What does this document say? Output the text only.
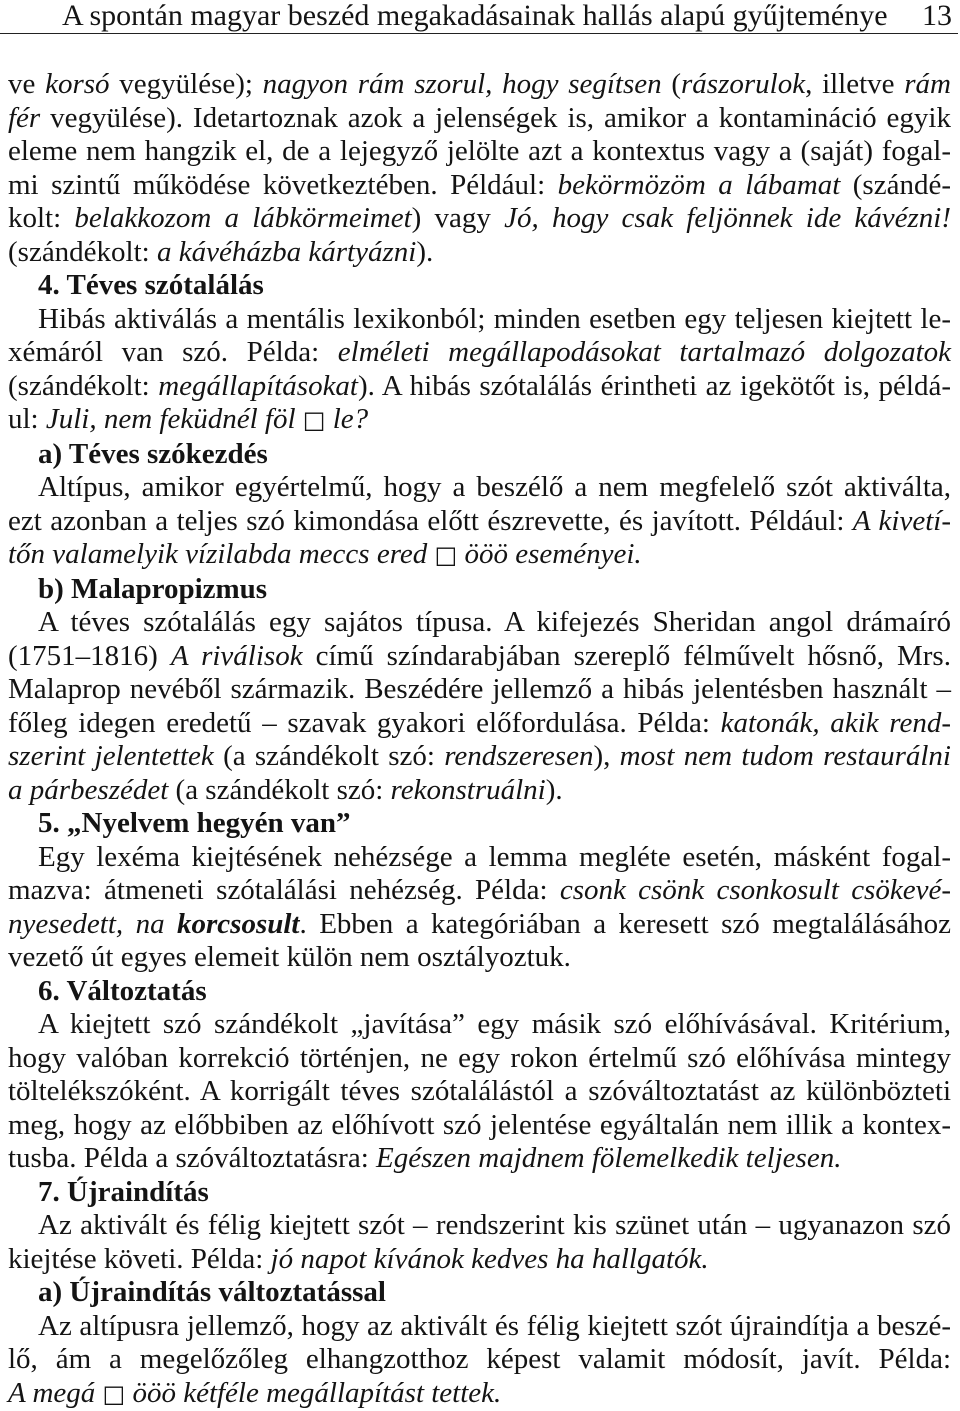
A spontán magyar beszéd megakadásainak hallás alapú gyűjteménye 13
ve korsó vegyülése); nagyon rám szorul, hogy segítsen (rászorulok, illetve rám
fér vegyülése). Idetartoznak azok a jelenségek is, amikor a kontamináció egyik
eleme nem hangzik el, de a lejegyző jelölte azt a kontextus vagy a (saját) fogal-
mi szintű működése következtében. Például: bekörmözöm a lábamat (szándé-
kolt: belakkozom a lábkörmeimet) vagy Jó, hogy csak feljönnek ide kávézni!
(szándékolt: a kávéházba kártyázni).
4. Téves szótalálás
Hibás aktiválás a mentális lexikonból; minden esetben egy teljesen kiejtett le-
xémáról van szó. Példa: elméleti megállapodásokat tartalmazó dolgozatok
(szándékolt: megállapításokat). A hibás szótalálás érintheti az igekötőt is, példá-
ul: Juli, nem feküdnél föl □ le?
a) Téves szókezdés
Altípus, amikor egyértelmű, hogy a beszélő a nem megfelelő szót aktiválta,
ezt azonban a teljes szó kimondása előtt észrevette, és javított. Például: A kivetí-
tőn valamelyik vízilabda meccs ered □ ööö eseményei.
b) Malapropizmus
A téves szótalálás egy sajátos típusa. A kifejezés Sheridan angol drámaíró
(1751–1816) A riválisok című színdarabjában szereplő félművelt hősnő, Mrs.
Malaprop nevéből származik. Beszédére jellemző a hibás jelentésben használt –
főleg idegen eredetű – szavak gyakori előfordulása. Példa: katonák, akik rend-
szerint jelentettek (a szándékolt szó: rendszeresen), most nem tudom restaurálni
a párbeszédet (a szándékolt szó: rekonstruálni).
5. „Nyelvem hegyén van”
Egy lexéma kiejtésének nehézsége a lemma megléte esetén, másként fogal-
mazva: átmeneti szótalálási nehézség. Példa: csonk csönk csonkosult csökevé-
nyesedett, na korcsosult. Ebben a kategóriában a keresett szó megtalálásához
vezető út egyes elemeit külön nem osztályoztuk.
6. Változtatás
A kiejtett szó szándékolt „javítása” egy másik szó előhívásával. Kritérium,
hogy valóban korrekció történjen, ne egy rokon értelmű szó előhívása mintegy
töltelékszóként. A korrigált téves szótalálástól a szóváltoztatást az különbözteti
meg, hogy az előbbiben az előhívott szó jelentése egyáltalán nem illik a kontex-
tusba. Példa a szóváltoztatásra: Egészen majdnem fölemelkedik teljesen.
7. Újraindítás
Az aktivált és félig kiejtett szót – rendszerint kis szünet után – ugyanazon szó
kiejtése követi. Példa: jó napot kívánok kedves ha hallgatók.
a) Újraindítás változtatással
Az altípusra jellemző, hogy az aktivált és félig kiejtett szót újraindítja a beszé-
lő, ám a megelőzőleg elhangzotthoz képest valamit módosít, javít. Példa:
A megá □ ööö kétféle megállapítást tettek.
